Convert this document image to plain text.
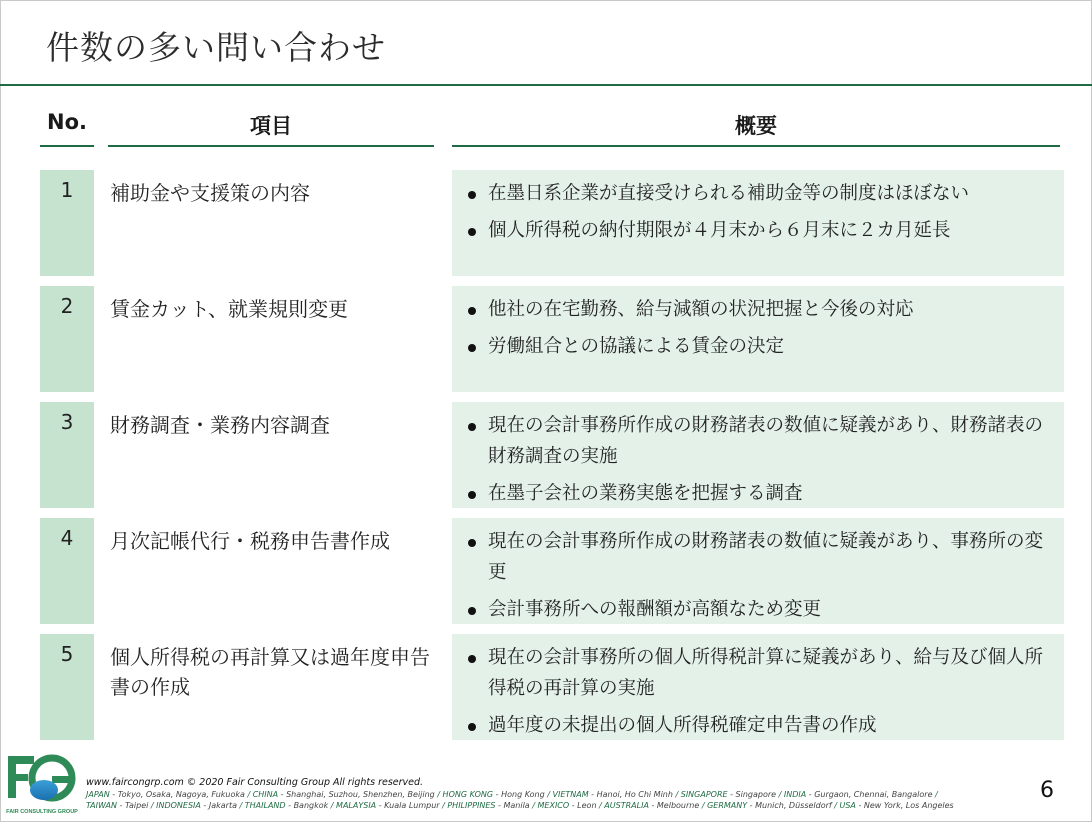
件数の多い問い合わせ
No.	項目	概要
1	補助金や支援策の内容	在墨日系企業が直接受けられる補助金等の制度はほぼない
個人所得税の納付期限が４月末から６月末に２カ月延長
2	賃金カット、就業規則変更	他社の在宅勤務、給与減額の状況把握と今後の対応
労働組合との協議による賃金の決定
3	財務調査・業務内容調査	現在の会計事務所作成の財務諸表の数値に疑義があり、財務諸表の財務調査の実施
在墨子会社の業務実態を把握する調査
4	月次記帳代行・税務申告書作成	現在の会計事務所作成の財務諸表の数値に疑義があり、事務所の変更
会計事務所への報酬額が高額なため変更
5	個人所得税の再計算又は過年度申告書の作成
現在の会計事務所の個人所得税計算に疑義があり、給与及び個人所得税の再計算の実施
過年度の未提出の個人所得税確定申告書の作成
FAIR CONSULTING GROUP
www.faircongrp.com © 2020 Fair Consulting Group All rights reserved.
JAPAN - Tokyo, Osaka, Nagoya, Fukuoka / CHINA - Shanghai, Suzhou, Shenzhen, Beijing / HONG KONG - Hong Kong / VIETNAM - Hanoi, Ho Chi Minh / SINGAPORE - Singapore / INDIA - Gurgaon, Chennai, Bangalore /
TAIWAN - Taipei / INDONESIA - Jakarta / THAILAND - Bangkok / MALAYSIA - Kuala Lumpur / PHILIPPINES - Manila / MEXICO - Leon / AUSTRALIA - Melbourne / GERMANY - Munich, Düsseldorf / USA - New York, Los Angeles
6
